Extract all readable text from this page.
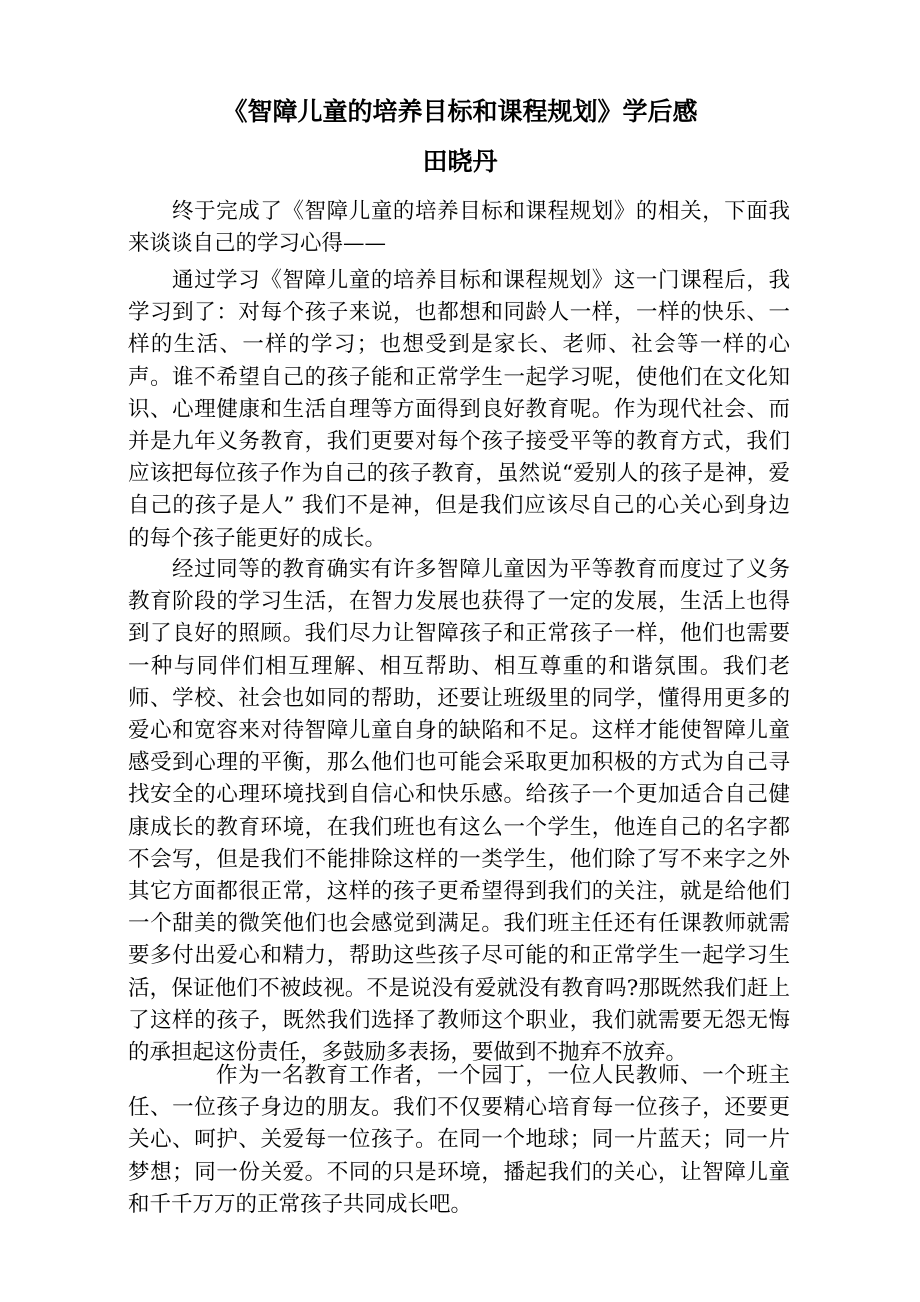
《智障儿童的培养目标和课程规划》学后感
田晓丹

终于完成了《智障儿童的培养目标和课程规划》的相关，下面我来谈谈自己的学习心得——

通过学习《智障儿童的培养目标和课程规划》这一门课程后，我学习到了：对每个孩子来说，也都想和同龄人一样，一样的快乐、一样的生活、一样的学习；也想受到是家长、老师、社会等一样的心声。谁不希望自己的孩子能和正常学生一起学习呢，使他们在文化知识、心理健康和生活自理等方面得到良好教育呢。作为现代社会、而并是九年义务教育，我们更要对每个孩子接受平等的教育方式，我们应该把每位孩子作为自己的孩子教育，虽然说“爱别人的孩子是神，爱自己的孩子是人” 我们不是神，但是我们应该尽自己的心关心到身边的每个孩子能更好的成长。

经过同等的教育确实有许多智障儿童因为平等教育而度过了义务教育阶段的学习生活，在智力发展也获得了一定的发展，生活上也得到了良好的照顾。我们尽力让智障孩子和正常孩子一样，他们也需要一种与同伴们相互理解、相互帮助、相互尊重的和谐氛围。我们老师、学校、社会也如同的帮助，还要让班级里的同学，懂得用更多的爱心和宽容来对待智障儿童自身的缺陷和不足。这样才能使智障儿童感受到心理的平衡，那么他们也可能会采取更加积极的方式为自己寻找安全的心理环境找到自信心和快乐感。给孩子一个更加适合自己健康成长的教育环境，在我们班也有这么一个学生，他连自己的名字都不会写，但是我们不能排除这样的一类学生，他们除了写不来字之外其它方面都很正常，这样的孩子更希望得到我们的关注，就是给他们一个甜美的微笑他们也会感觉到满足。我们班主任还有任课教师就需要多付出爱心和精力，帮助这些孩子尽可能的和正常学生一起学习生活，保证他们不被歧视。不是说没有爱就没有教育吗?那既然我们赶上了这样的孩子，既然我们选择了教师这个职业，我们就需要无怨无悔的承担起这份责任，多鼓励多表扬，要做到不抛弃不放弃。

作为一名教育工作者，一个园丁，一位人民教师、一个班主任、一位孩子身边的朋友。我们不仅要精心培育每一位孩子，还要更关心、呵护、关爱每一位孩子。在同一个地球；同一片蓝天；同一片梦想；同一份关爱。不同的只是环境，播起我们的关心，让智障儿童和千千万万的正常孩子共同成长吧。
